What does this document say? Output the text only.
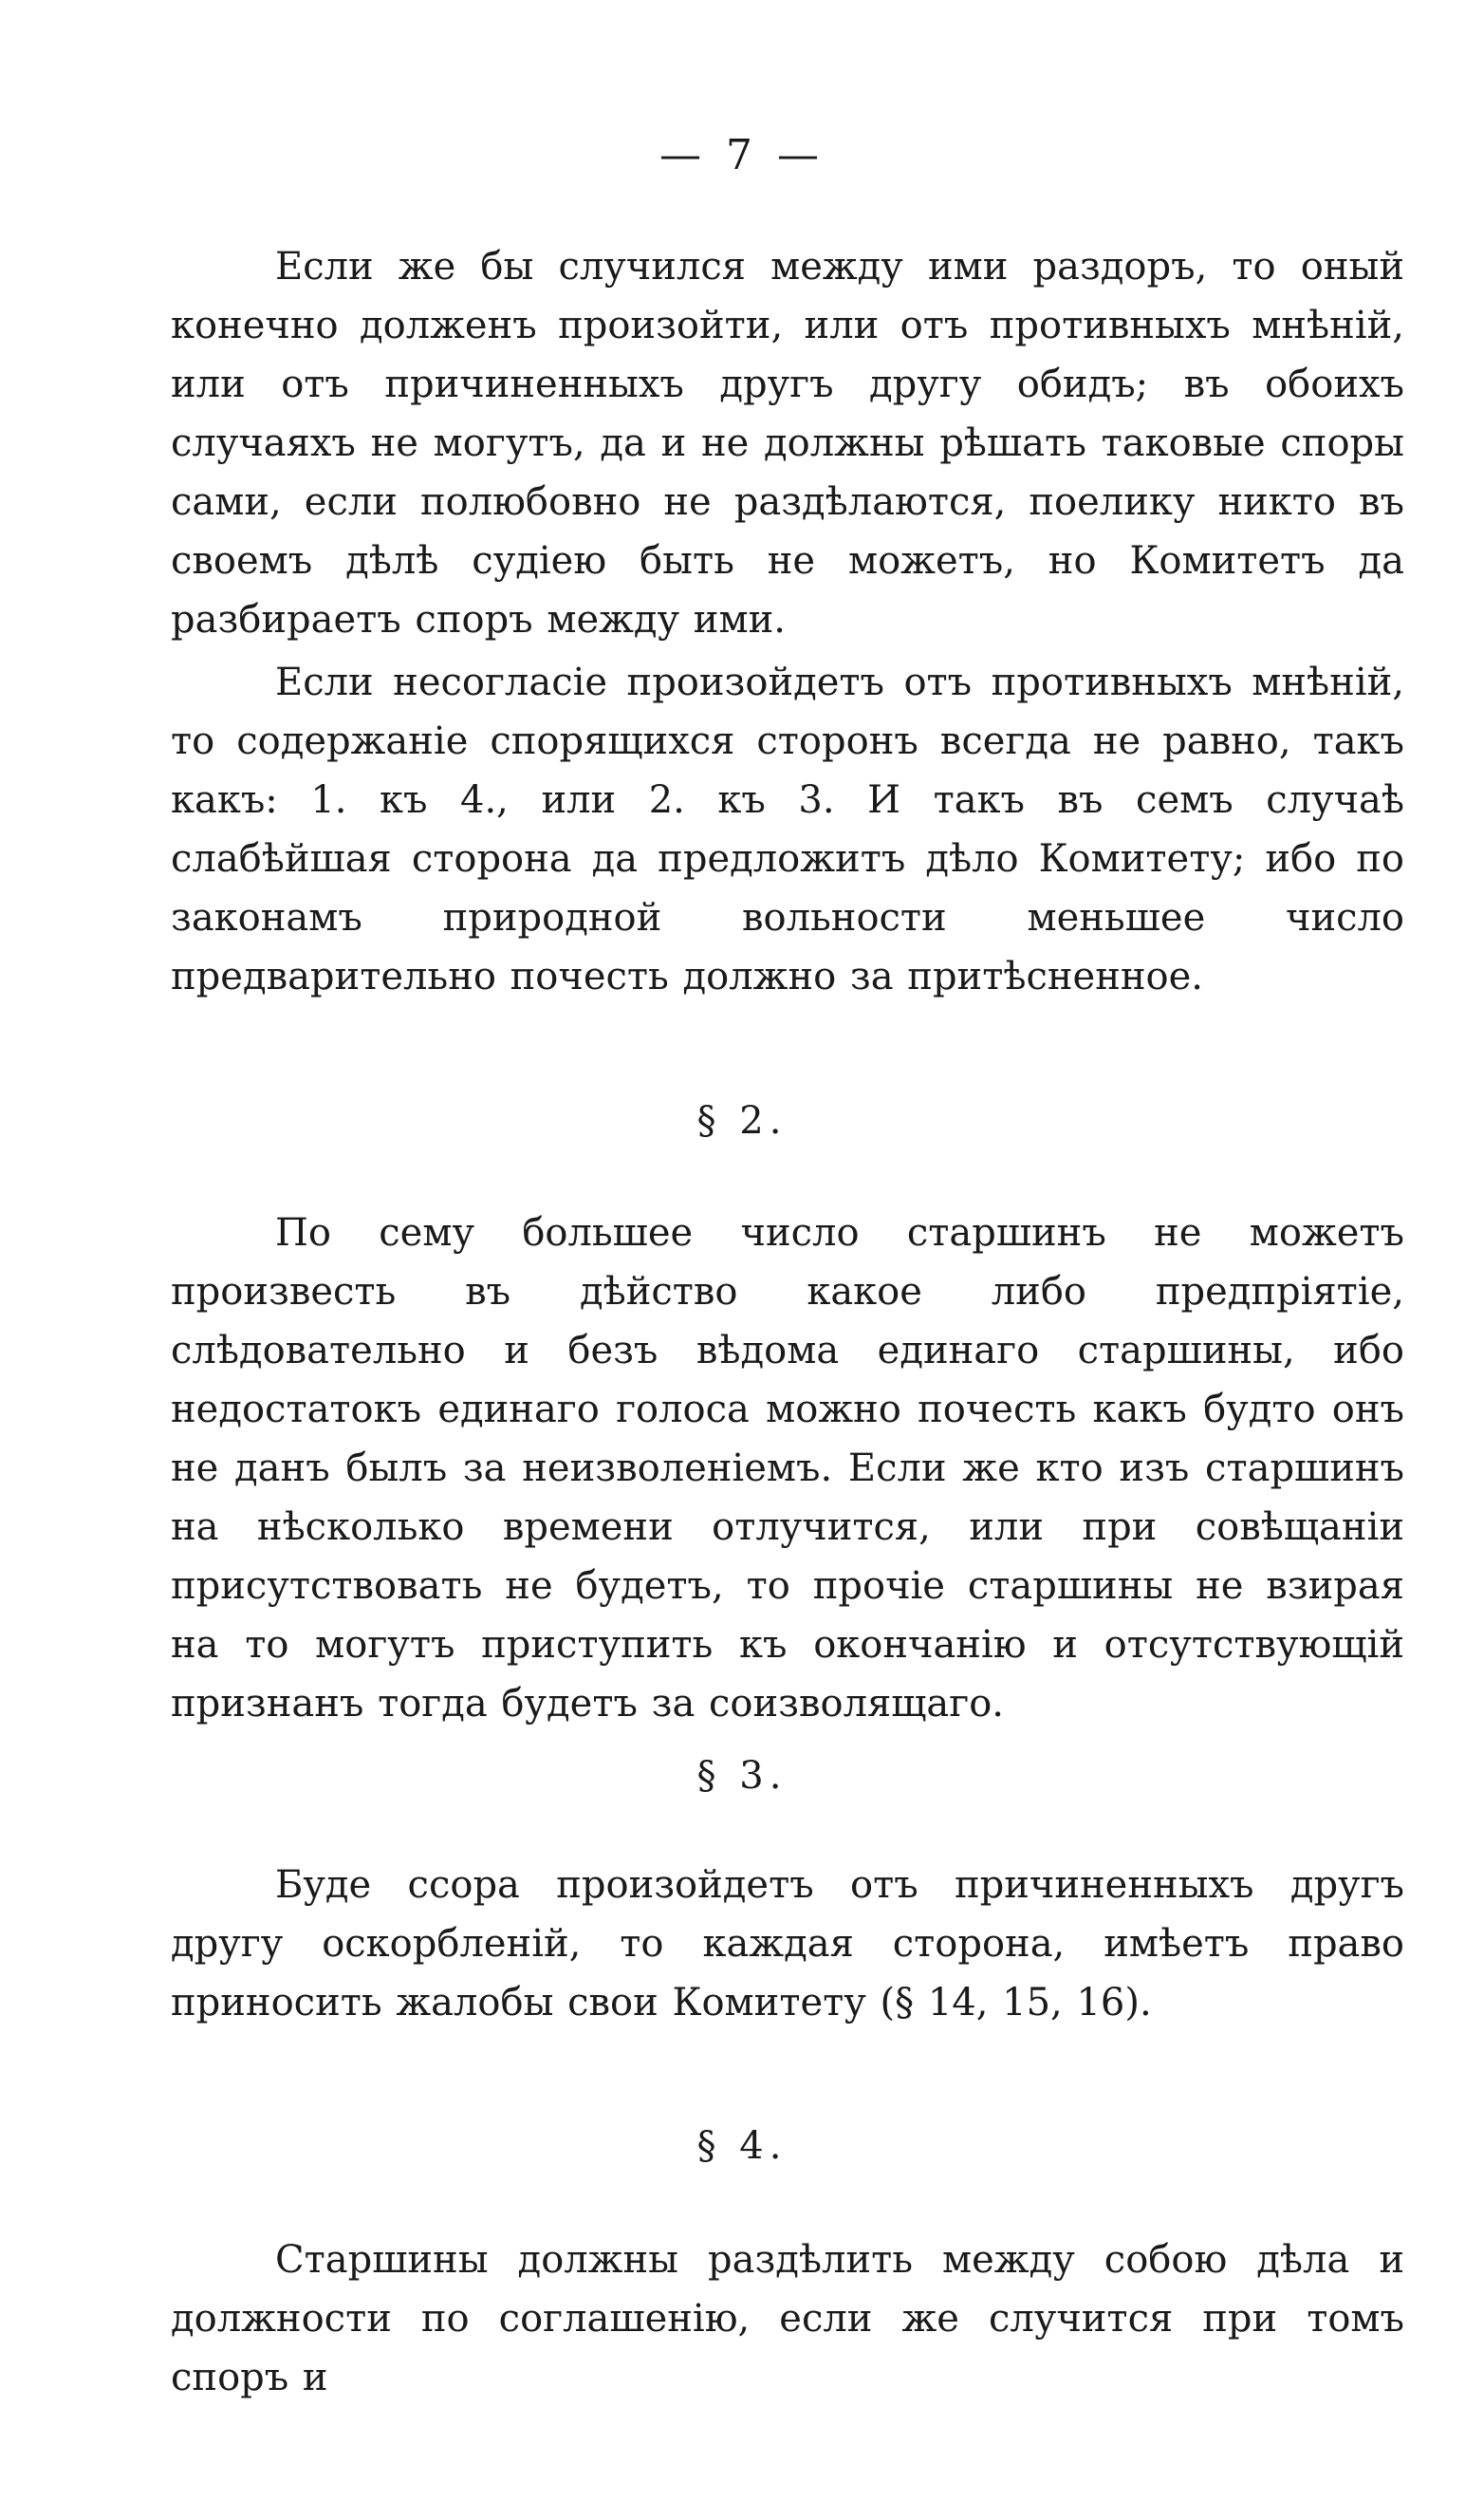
— 7 —

Если же бы случился между ими раздоръ, то оный конечно долженъ произойти, или отъ противныхъ мнѣній, или отъ причиненныхъ другъ другу обидъ; въ обоихъ случаяхъ не могутъ, да и не должны рѣшать таковые споры сами, если полюбовно не раздѣлаются, поелику никто въ своемъ дѣлѣ судіею быть не можетъ, но Комитетъ да разбираетъ споръ между ими.

Если несогласіе произойдетъ отъ противныхъ мнѣній, то содержаніе спорящихся сторонъ всегда не равно, такъ какъ: 1. къ 4., или 2. къ 3. И такъ въ семъ случаѣ слабѣйшая сторона да предложитъ дѣло Комитету; ибо по законамъ природной вольности меньшее число предварительно почесть должно за притѣсненное.

§ 2.

По сему большее число старшинъ не можетъ произвесть въ дѣйство какое либо предпріятіе, слѣдовательно и безъ вѣдома единаго старшины, ибо недостатокъ единаго голоса можно почесть какъ будто онъ не данъ былъ за неизволеніемъ. Если же кто изъ старшинъ на нѣсколько времени отлучится, или при совѣщаніи присутствовать не будетъ, то прочіе старшины не взирая на то могутъ приступить къ окончанію и отсутствующій признанъ тогда будетъ за соизволящаго.

§ 3.

Буде ссора произойдетъ отъ причиненныхъ другъ другу оскорбленій, то каждая сторона, имѣетъ право приносить жалобы свои Комитету (§ 14, 15, 16).

§ 4.

Старшины должны раздѣлить между собою дѣла и должности по соглашенію, если же случится при томъ споръ и
